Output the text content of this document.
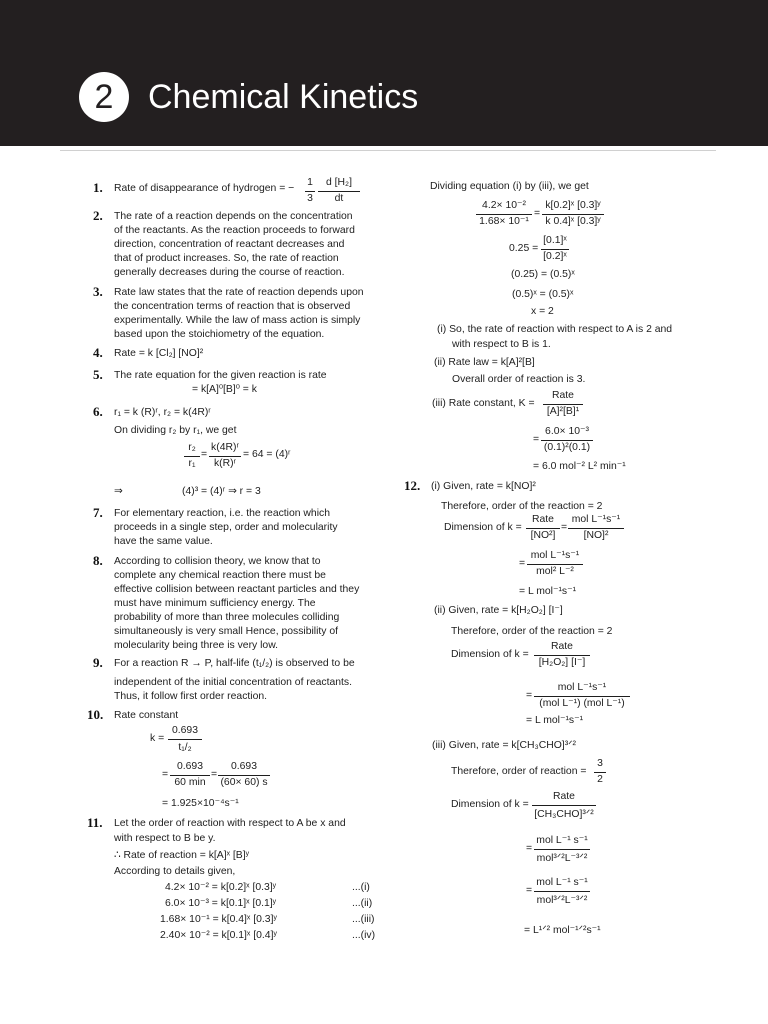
2	Chemical Kinetics
1. Rate of disappearance of hydrogen = −
1
3
d [H₂]
dt
2. The rate of a reaction depends on the concentration
of the reactants. As the reaction proceeds to forward
direction, concentration of reactant decreases and
that of product increases. So, the rate of reaction
generally decreases during the course of reaction.
3. Rate law states that the rate of reaction depends upon
the concentration terms of reaction that is observed
experimentally. While the law of mass action is simply
based upon the stoichiometry of the equation.
4. Rate = k [Cl₂] [NO]²
5. The rate equation for the given reaction is rate
= k[A]⁰[B]⁰ = k
6. r₁ = k (R)ʳ, r₂ = k(4R)ʳ
On dividing r₂ by r₁, we get
r₂
r₁
=
k(4R)ʳ
k(R)ʳ
= 64 = (4)ʳ
⇒	(4)³ = (4)ʳ ⇒ r = 3
7. For elementary reaction, i.e. the reaction which
proceeds in a single step, order and molecularity
have the same value.
8. According to collision theory, we know that to
complete any chemical reaction there must be
effective collision between reactant particles and they
must have minimum sufficiency energy. The
probability of more than three molecules colliding
simultaneously is very small Hence, possibility of
molecularity being three is very low.
9. For a reaction R → P, half-life (t₁/₂) is observed to be
independent of the initial concentration of reactants.
Thus, it follow first order reaction.
10. Rate constant
k =
0.693
t₁/₂
=
0.693
60 min
=
0.693
(60× 60) s
= 1.925×10⁻⁴s⁻¹
11. Let the order of reaction with respect to A be x and
with respect to B be y.
∴ Rate of reaction = k[A]ˣ [B]ʸ
According to details given,
4.2× 10⁻² = k[0.2]ˣ [0.3]ʸ	...(i)
6.0× 10⁻³ = k[0.1]ˣ [0.1]ʸ	...(ii)
1.68× 10⁻¹ = k[0.4]ˣ [0.3]ʸ	...(iii)
2.40× 10⁻² = k[0.1]ˣ [0.4]ʸ	...(iv)
Dividing equation (i) by (iii), we get
4.2× 10⁻²
1.68× 10⁻¹
=
k[0.2]ˣ [0.3]ʸ
k 0.4]ˣ [0.3]ʸ
0.25 =
[0.1]ˣ
[0.2]ˣ
(0.25) = (0.5)ˣ
(0.5)ˣ = (0.5)ˣ
x = 2
(i) So, the rate of reaction with respect to A is 2 and
with respect to B is 1.
(ii) Rate law = k[A]²[B]
Overall order of reaction is 3.
(iii) Rate constant, K =
Rate
[A]²[B]¹
=
6.0× 10⁻³
(0.1)²(0.1)
= 6.0 mol⁻² L² min⁻¹
12. (i) Given, rate = k[NO]²
Therefore, order of the reaction = 2
Dimension of k =
Rate
[NO²]
=
mol L⁻¹s⁻¹
[NO]²
=
mol L⁻¹s⁻¹
mol² L⁻²
= L mol⁻¹s⁻¹
(ii) Given, rate = k[H₂O₂] [I⁻]
Therefore, order of the reaction = 2
Dimension of k =
Rate
[H₂O₂] [I⁻]
=
mol L⁻¹s⁻¹
(mol L⁻¹) (mol L⁻¹)
= L mol⁻¹s⁻¹
(iii) Given, rate = k[CH₃CHO]³ᐟ²
Therefore, order of reaction =
3
2
Dimension of k =
Rate
[CH₃CHO]³ᐟ²
=
mol L⁻¹ s⁻¹
mol³ᐟ²L⁻³ᐟ²
=
mol L⁻¹ s⁻¹
mol³ᐟ²L⁻³ᐟ²
= L¹ᐟ² mol⁻¹ᐟ²s⁻¹
